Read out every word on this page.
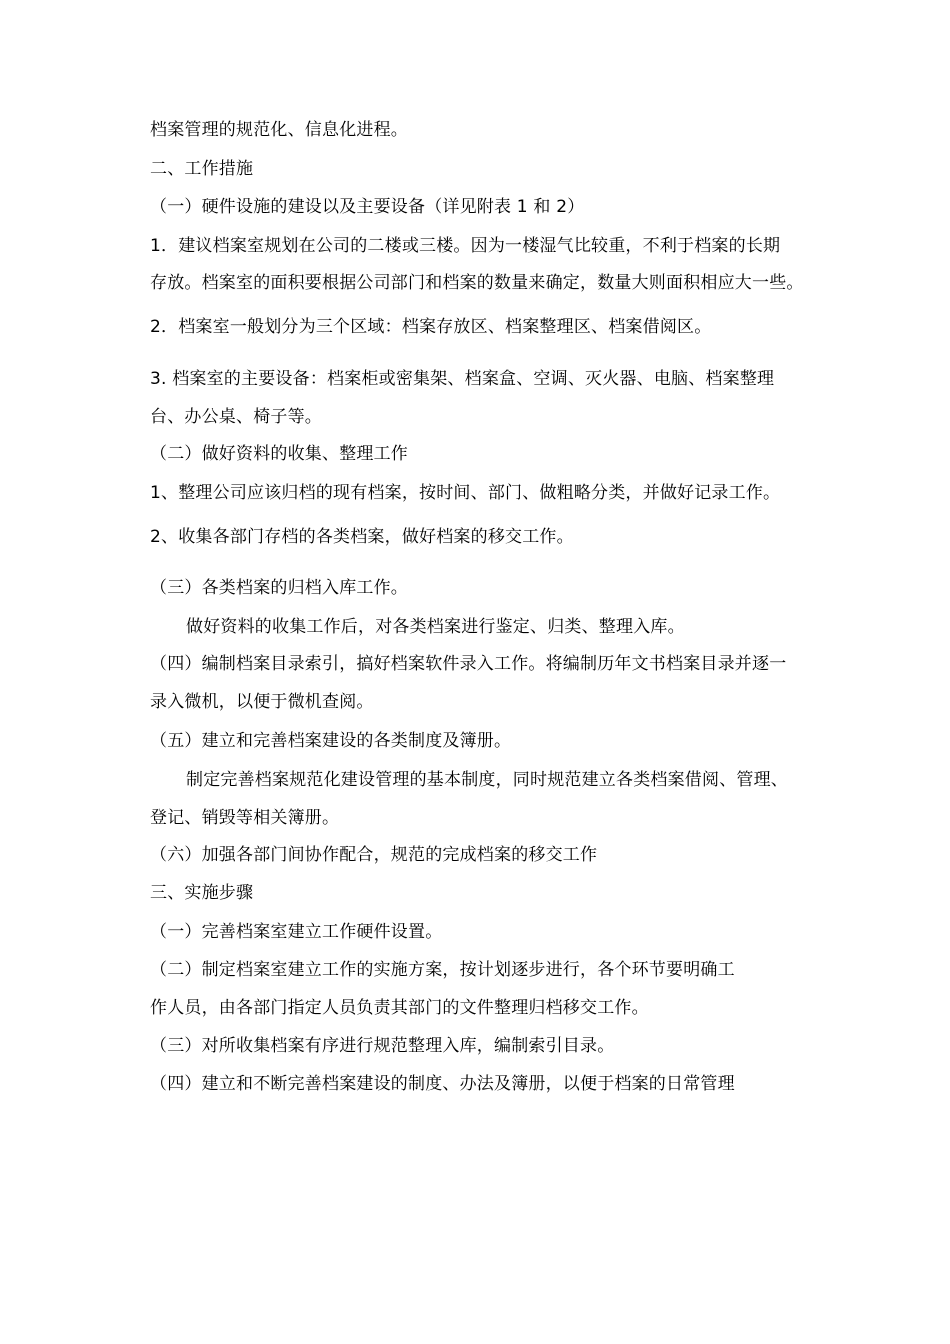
档案管理的规范化、信息化进程。
二、工作措施
（一）硬件设施的建设以及主要设备（详见附表 1 和 2）
1．建议档案室规划在公司的二楼或三楼。因为一楼湿气比较重，不利于档案的长期
存放。档案室的面积要根据公司部门和档案的数量来确定，数量大则面积相应大一些。
2．档案室一般划分为三个区域：档案存放区、档案整理区、档案借阅区。
3. 档案室的主要设备：档案柜或密集架、档案盒、空调、灭火器、电脑、档案整理
台、办公桌、椅子等。
（二）做好资料的收集、整理工作
1、整理公司应该归档的现有档案，按时间、部门、做粗略分类，并做好记录工作。
2、收集各部门存档的各类档案，做好档案的移交工作。
（三）各类档案的归档入库工作。
做好资料的收集工作后，对各类档案进行鉴定、归类、整理入库。
（四）编制档案目录索引，搞好档案软件录入工作。将编制历年文书档案目录并逐一
录入微机，以便于微机查阅。
（五）建立和完善档案建设的各类制度及簿册。
制定完善档案规范化建设管理的基本制度，同时规范建立各类档案借阅、管理、
登记、销毁等相关簿册。
（六）加强各部门间协作配合，规范的完成档案的移交工作
三、实施步骤
（一）完善档案室建立工作硬件设置。
（二）制定档案室建立工作的实施方案，按计划逐步进行，各个环节要明确工
作人员，由各部门指定人员负责其部门的文件整理归档移交工作。
（三）对所收集档案有序进行规范整理入库，编制索引目录。
（四）建立和不断完善档案建设的制度、办法及簿册，以便于档案的日常管理
